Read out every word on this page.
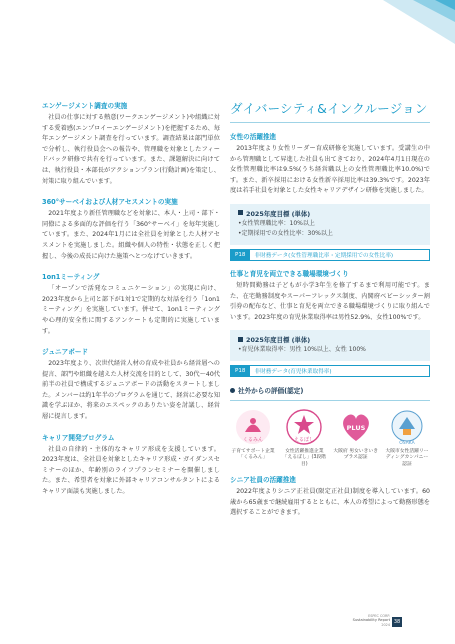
エンゲージメント調査の実施
社員の仕事に対する熱意(ワークエンゲージメント)や組織に対する愛着感(エンプロイーエンゲージメント)を把握するため、毎年エンゲージメント調査を行っています。調査結果は部門単位で分析し、執行役員会への報告や、管理職を対象としたフィードバック研修で共有を行っています。また、課題解決に向けては、執行役員・本部長がアクションプラン(行動計画)を策定し、対策に取り組んでいます。
360°サーベイおよび人材アセスメントの実施
2021年度より新任管理職などを対象に、本人・上司・部下・同僚による多面的な評価を行う「360°サーベイ」を毎年実施しています。また、2024年1月には全社員を対象とした人材アセスメントを実施しました。組織や個人の特性・状態を正しく把握し、今後の成長に向けた施策へとつなげていきます。
1on1ミーティング
「オープンで活発なコミュニケーション」の実現に向け、2023年度から上司と部下が1対1で定期的な対話を行う「1on1ミーティング」を実施しています。併せて、1on1ミーティングや心理的安全性に関するアンケートも定期的に実施しています。
ジュニアボード
2023年度より、次世代経営人材の育成や社員から経営層への提言、部門や組織を越えた人材交流を目的として、30代〜40代前半の社員で構成するジュニアボードの活動をスタートしました。メンバーは約1年半のプログラムを通じて、経営に必要な知識を学ぶほか、将来のエスペックのありたい姿を討議し、経営層に提言します。
キャリア開発プログラム
社員の自律的・主体的なキャリア形成を支援しています。2023年度は、全社員を対象としたキャリア形成・ガイダンスセミナーのほか、年齢別のライフプランセミナーを開催しました。また、希望者を対象に外部キャリアコンサルタントによるキャリア面談も実施しました。
ダイバーシティ&インクルージョン
女性の活躍推進
2013年度より女性リーダー育成研修を実施しています。受講生の中から管理職として昇進した社員も出てきており、2024年4月1日現在の女性管理職比率は9.5%(うち経営職以上の女性管理職比率10.0%)です。また、新卒採用における女性新卒採用比率は39.3%です。2023年度は若手社員を対象とした女性キャリアデザイン研修を実施しました。
2025年度目標 (単体)
•女性管理職比率：10%以上
•定期採用での女性比率：30%以上
P18	非財務データ(女性管理職比率・定期採用での女性比率)
仕事と育児を両立できる職場環境づくり
短時間勤務は子どもが小学3年生を修了するまで利用可能です。また、在宅勤務制度やスーパーフレックス制度、内閣府ベビーシッター割引券の配布など、仕事と育児を両立できる職場環境づくりに取り組んでいます。2023年度の育児休業取得率は男性52.9%、女性100%です。
2025年度目標 (単体)
•育児休業取得率：男性 10%以上、女性 100%
P18	非財務データ(育児休業取得率)
社外からの評価(認定)
くるみん
子育てサポート企業「くるみん」
えるぼし
女性活躍推進企業「えるぼし」(3段階目)
PLUS
大阪府 男女いきいきプラス認証
OSAKA
大阪市女性活躍リーディングカンパニー認証
シニア社員の活躍推進
2022年度よりシニア正社員(限定正社員)制度を導入しています。60歳から65歳まで継続雇用するとともに、本人の希望によって勤務形態を選択することができます。
ESPEC CORP.
Sustainability Report
2024 38
